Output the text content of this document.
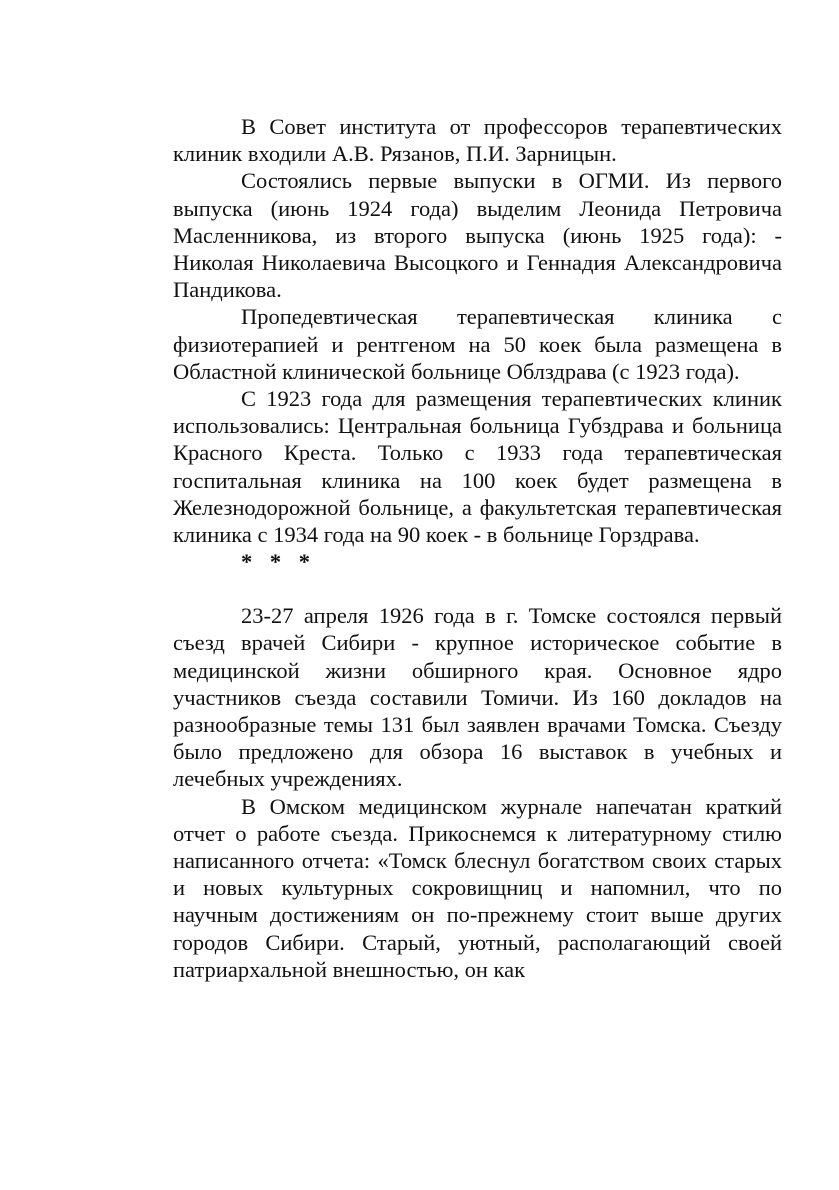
В Совет института от профессоров терапевтических клиник входили А.В. Рязанов, П.И. Зарницын.

Состоялись первые выпуски в ОГМИ. Из первого выпуска (июнь 1924 года) выделим Леонида Петровича Масленникова, из второго выпуска (июнь 1925 года): - Николая Николаевича Высоцкого и Геннадия Александровича Пандикова.

Пропедевтическая терапевтическая клиника с физиотерапией и рентгеном на 50 коек была размещена в Областной клинической больнице Облздрава (с 1923 года).

С 1923 года для размещения терапевтических клиник использовались: Центральная больница Губздрава и больница Красного Креста. Только с 1933 года терапевтическая госпитальная клиника на 100 коек будет размещена в Железнодорожной больнице, а факультетская терапевтическая клиника с 1934 года на 90 коек - в больнице Горздрава.

* * *

23-27 апреля 1926 года в г. Томске состоялся первый съезд врачей Сибири - крупное историческое событие в медицинской жизни обширного края. Основное ядро участников съезда составили Томичи. Из 160 докладов на разнообразные темы 131 был заявлен врачами Томска. Съезду было предложено для обзора 16 выставок в учебных и лечебных учреждениях.

В Омском медицинском журнале напечатан краткий отчет о работе съезда. Прикоснемся к литературному стилю написанного отчета: «Томск блеснул богатством своих старых и новых культурных сокровищниц и напомнил, что по научным достижениям он по-прежнему стоит выше других городов Сибири. Старый, уютный, располагающий своей патриархальной внешностью, он как
